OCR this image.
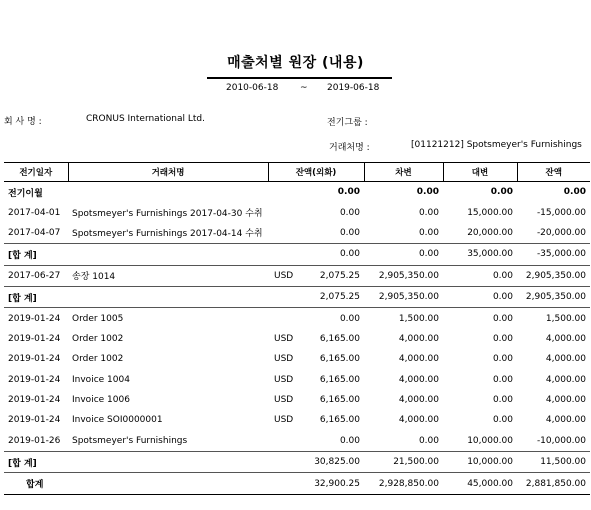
매출처별 원장 (내용)
2010-06-18 ~ 2019-06-18
회 사 명 :	CRONUS International Ltd.	전기그룹 :
거래처명 :	[01121212] Spotsmeyer's Furnishings
전기일자	거래처명	잔액(외화)	차변	대변	잔액
전기이월		0.00	0.00	0.00	0.00
2017-04-01	Spotsmeyer's Furnishings 2017-04-30 수취	0.00	0.00	15,000.00	-15,000.00
2017-04-07	Spotsmeyer's Furnishings 2017-04-14 수취	0.00	0.00	20,000.00	-20,000.00
[합 계]		0.00	0.00	35,000.00	-35,000.00
2017-06-27	송장 1014	USD 2,075.25	2,905,350.00	0.00	2,905,350.00
[합 계]		2,075.25	2,905,350.00	0.00	2,905,350.00
2019-01-24	Order 1005	0.00	1,500.00	0.00	1,500.00
2019-01-24	Order 1002	USD 6,165.00	4,000.00	0.00	4,000.00
2019-01-24	Order 1002	USD 6,165.00	4,000.00	0.00	4,000.00
2019-01-24	Invoice 1004	USD 6,165.00	4,000.00	0.00	4,000.00
2019-01-24	Invoice 1006	USD 6,165.00	4,000.00	0.00	4,000.00
2019-01-24	Invoice SOI0000001	USD 6,165.00	4,000.00	0.00	4,000.00
2019-01-26	Spotsmeyer's Furnishings	0.00	0.00	10,000.00	-10,000.00
[합 계]		30,825.00	21,500.00	10,000.00	11,500.00
합계		32,900.25	2,928,850.00	45,000.00	2,881,850.00
